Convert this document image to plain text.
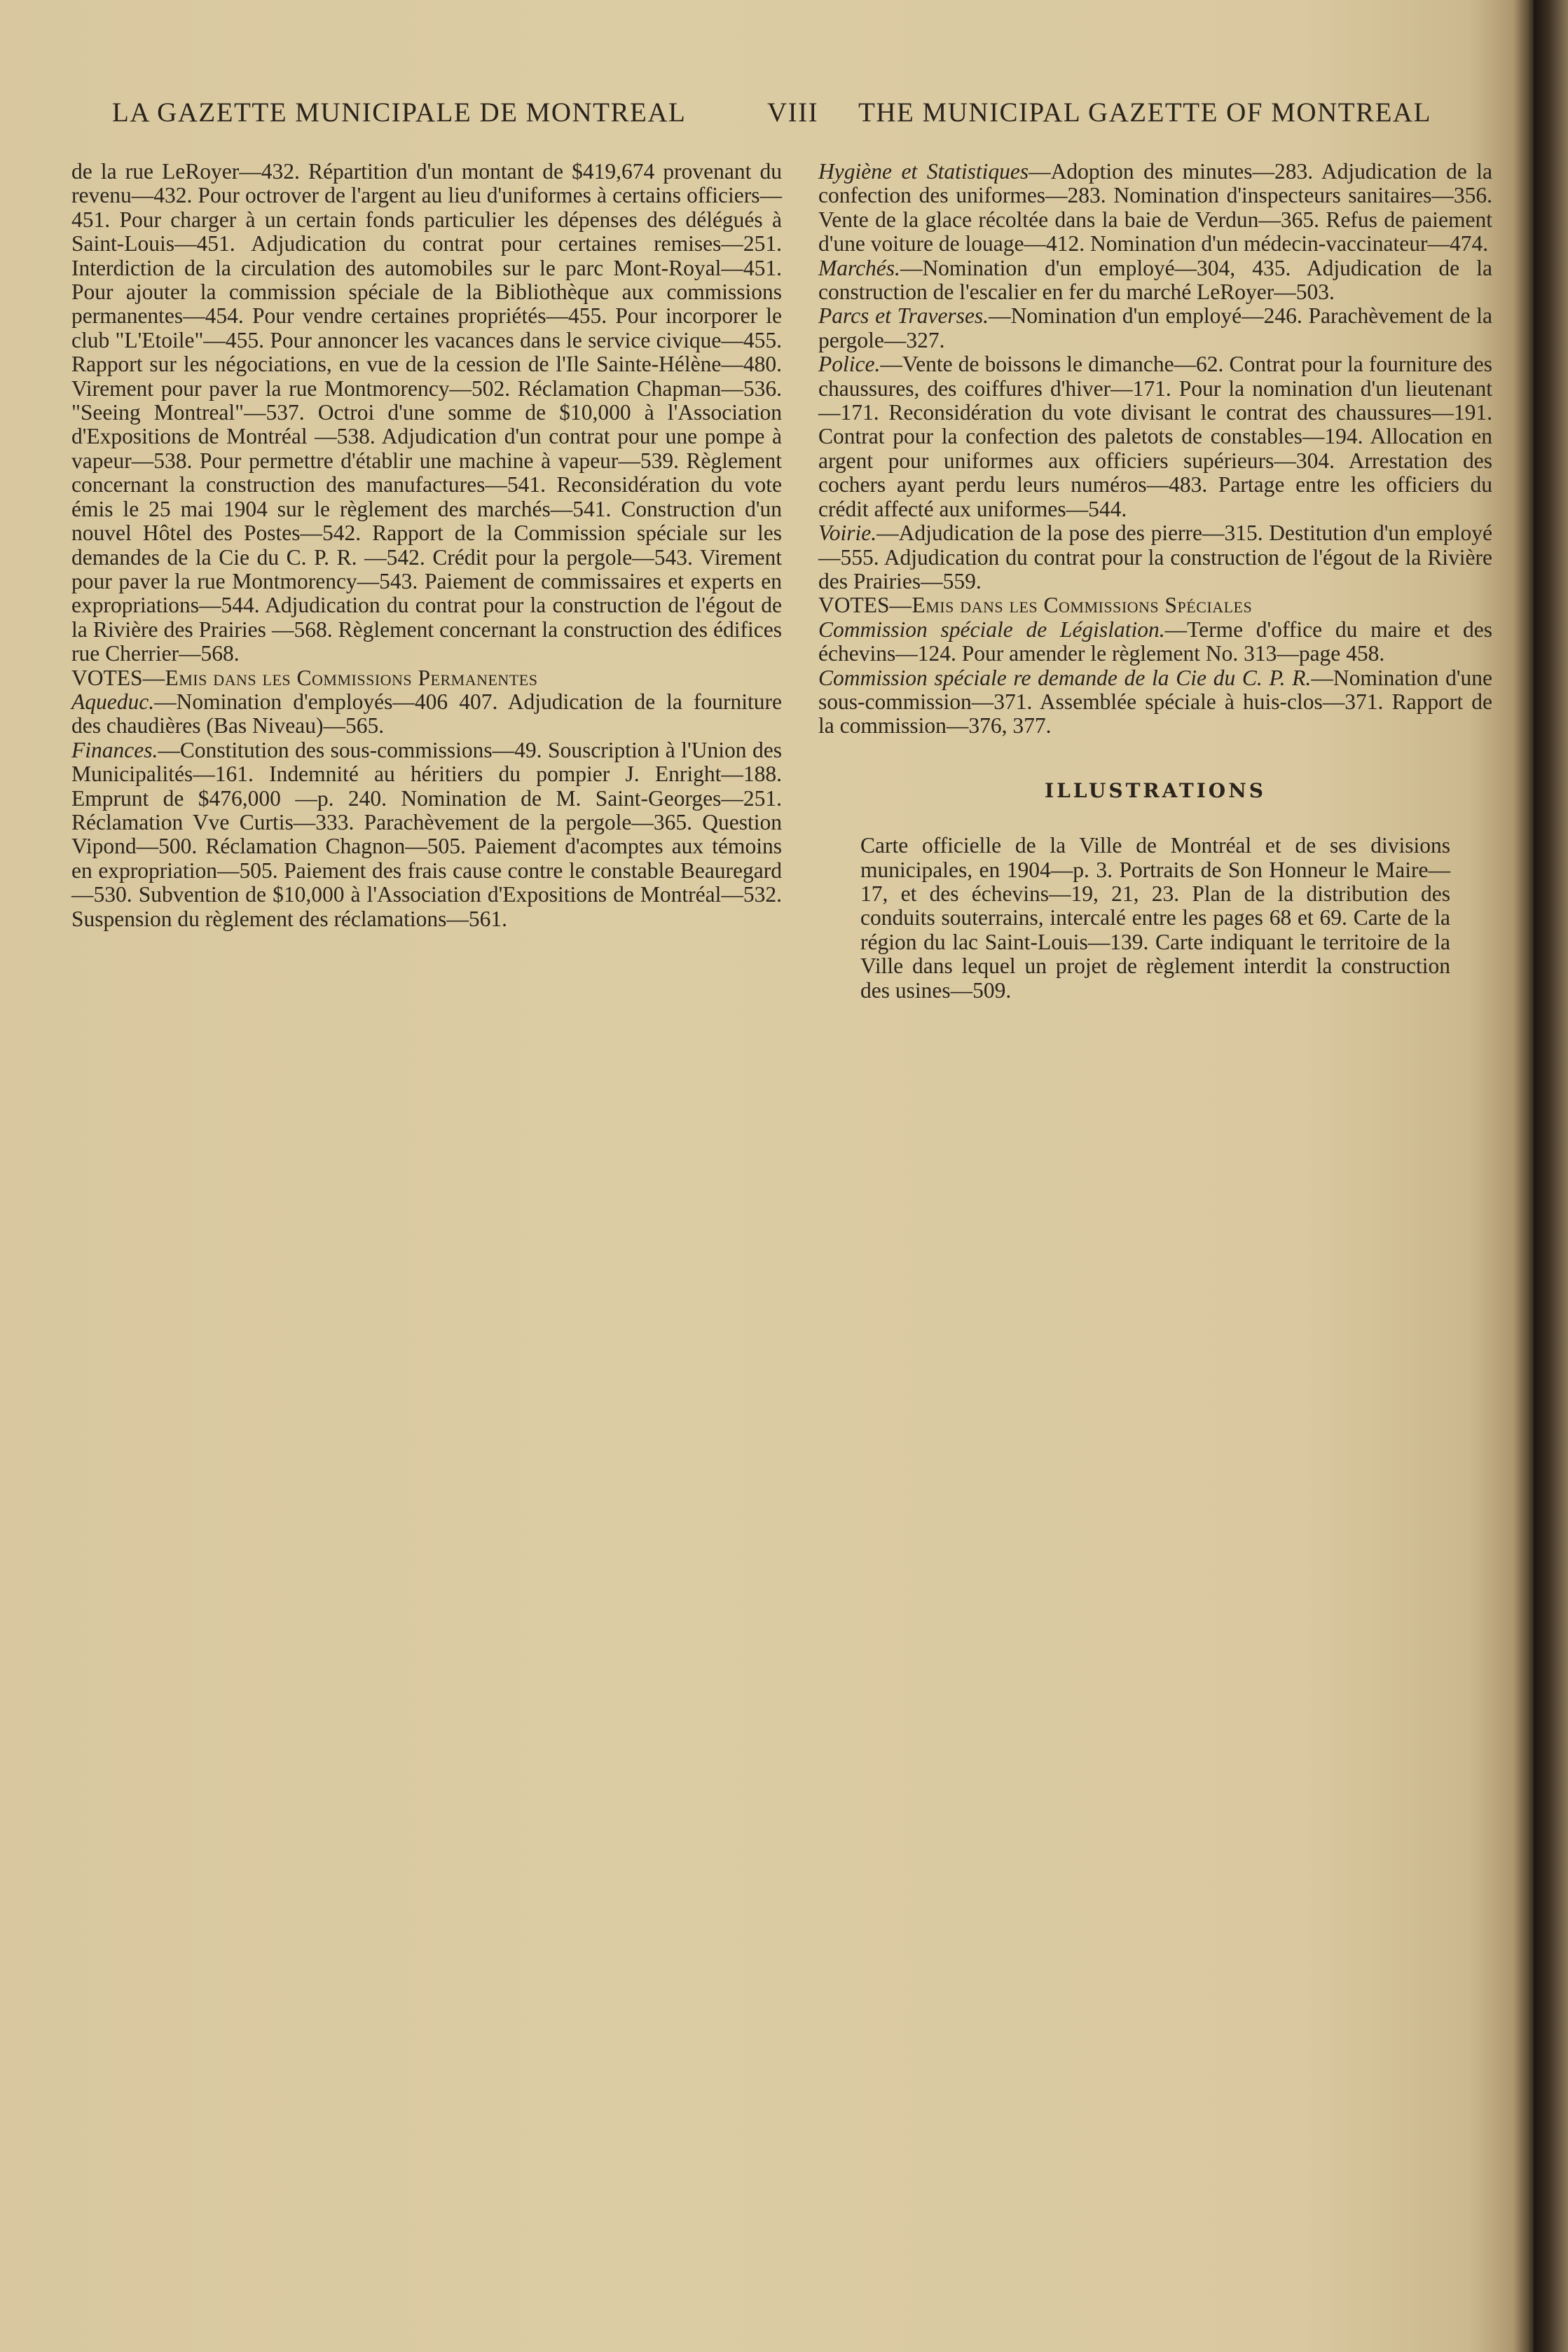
LA GAZETTE MUNICIPALE DE MONTREAL	VIII THE MUNICIPAL GAZETTE OF MONTREAL

de la rue LeRoyer—432. Répartition d'un montant de $419,674 provenant du revenu—432. Pour octrover de l'argent au lieu d'uniformes à certains officiers—451. Pour charger à un certain fonds particulier les dépenses des délégués à Saint-Louis—451. Adjudication du contrat pour certaines remises—251. Interdiction de la circulation des automobiles sur le parc Mont-Royal—451. Pour ajouter la commission spéciale de la Bibliothèque aux commissions permanentes—454. Pour vendre certaines propriétés—455. Pour incorporer le club "L'Etoile"—455. Pour annoncer les vacances dans le service civique—455. Rapport sur les négociations, en vue de la cession de l'Ile Sainte-Hélène—480. Virement pour paver la rue Montmorency—502. Réclamation Chapman—536. "Seeing Montreal"—537. Octroi d'une somme de $10,000 à l'Association d'Expositions de Montréal —538. Adjudication d'un contrat pour une pompe à vapeur—538. Pour permettre d'établir une machine à vapeur—539. Règlement concernant la construction des manufactures—541. Reconsidération du vote émis le 25 mai 1904 sur le règlement des marchés—541. Construction d'un nouvel Hôtel des Postes—542. Rapport de la Commission spéciale sur les demandes de la Cie du C. P. R. —542. Crédit pour la pergole—543. Virement pour paver la rue Montmorency—543. Paiement de commissaires et experts en expropriations—544. Adjudication du contrat pour la construction de l'égout de la Rivière des Prairies —568. Règlement concernant la construction des édifices rue Cherrier—568.

VOTES—Emis dans les Commissions Permanentes

Aqueduc.—Nomination d'employés—406 407. Adjudication de la fourniture des chaudières (Bas Niveau)—565.

Finances.—Constitution des sous-commissions—49. Souscription à l'Union des Municipalités—161. Indemnité au héritiers du pompier J. Enright—188. Emprunt de $476,000 —p. 240. Nomination de M. Saint-Georges—251. Réclamation Vve Curtis—333. Parachèvement de la pergole—365. Question Vipond—500. Réclamation Chagnon—505. Paiement d'acomptes aux témoins en expropriation—505. Paiement des frais cause contre le constable Beauregard —530. Subvention de $10,000 à l'Association d'Expositions de Montréal—532. Suspension du règlement des réclamations—561.

Hygiène et Statistiques—Adoption des minutes—283. Adjudication de la confection des uniformes—283. Nomination d'inspecteurs sanitaires—356. Vente de la glace récoltée dans la baie de Verdun—365. Refus de paiement d'une voiture de louage—412. Nomination d'un médecin-vaccinateur—474.

Marchés.—Nomination d'un employé—304, 435. Adjudication de la construction de l'escalier en fer du marché LeRoyer—503.

Parcs et Traverses.—Nomination d'un employé—246. Parachèvement de la pergole—327.

Police.—Vente de boissons le dimanche—62. Contrat pour la fourniture des chaussures, des coiffures d'hiver—171. Pour la nomination d'un lieutenant—171. Reconsidération du vote divisant le contrat des chaussures—191. Contrat pour la confection des paletots de constables—194. Allocation en argent pour uniformes aux officiers supérieurs—304. Arrestation des cochers ayant perdu leurs numéros—483. Partage entre les officiers du crédit affecté aux uniformes—544.

Voirie.—Adjudication de la pose des pierre—315. Destitution d'un employé—555. Adjudication du contrat pour la construction de l'égout de la Rivière des Prairies—559.

VOTES—Emis dans les Commissions Spéciales

Commission spéciale de Législation.—Terme d'office du maire et des échevins—124. Pour amender le règlement No. 313—page 458.

Commission spéciale re demande de la Cie du C. P. R.—Nomination d'une sous-commission—371. Assemblée spéciale à huis-clos—371. Rapport de la commission—376, 377.

ILLUSTRATIONS

Carte officielle de la Ville de Montréal et de ses divisions municipales, en 1904—p. 3. Portraits de Son Honneur le Maire—17, et des échevins—19, 21, 23. Plan de la distribution des conduits souterrains, intercalé entre les pages 68 et 69. Carte de la région du lac Saint-Louis—139. Carte indiquant le territoire de la Ville dans lequel un projet de règlement interdit la construction des usines—509.
